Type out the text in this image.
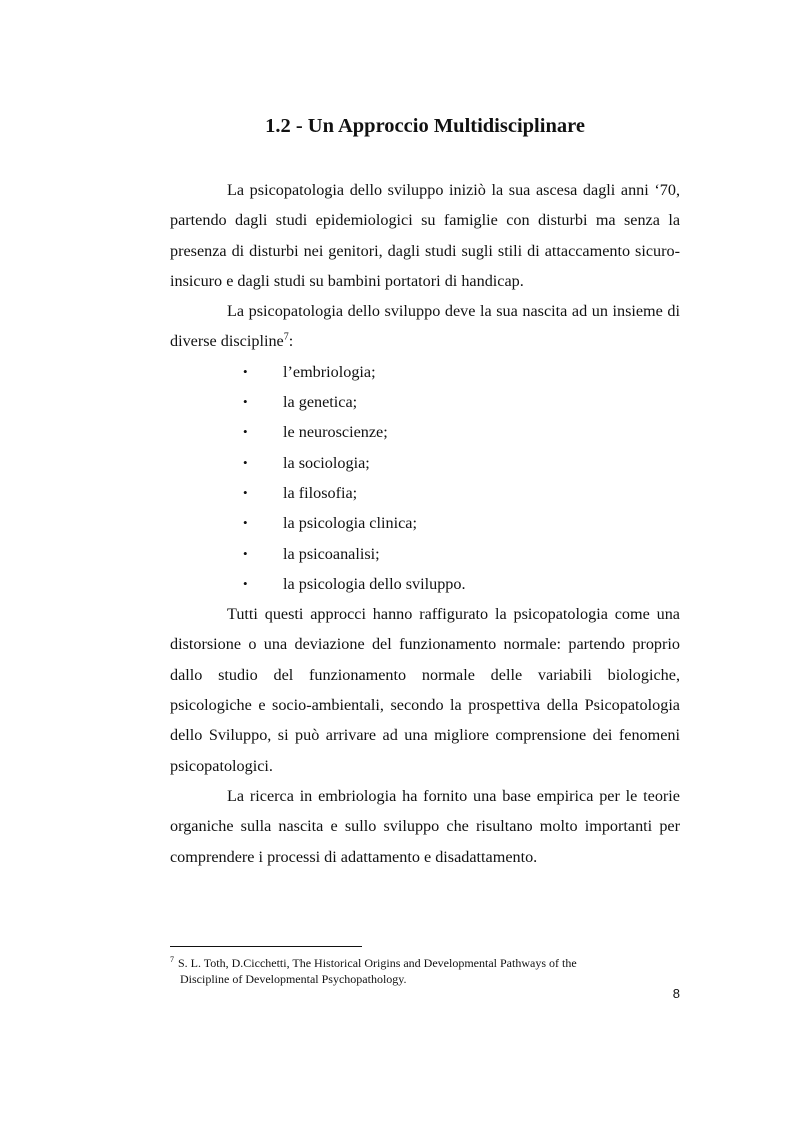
1.2 - Un Approccio Multidisciplinare

La psicopatologia dello sviluppo iniziò la sua ascesa dagli anni ‘70, partendo dagli studi epidemiologici su famiglie con disturbi ma senza la presenza di disturbi nei genitori, dagli studi sugli stili di attaccamento sicuro-insicuro e dagli studi su bambini portatori di handicap.

La psicopatologia dello sviluppo deve la sua nascita ad un insieme di diverse discipline$^7$:

•	l’embriologia;
•	la genetica;
•	le neuroscienze;
•	la sociologia;
•	la filosofia;
•	la psicologia clinica;
•	la psicoanalisi;
•	la psicologia dello sviluppo.

Tutti questi approcci hanno raffigurato la psicopatologia come una distorsione o una deviazione del funzionamento normale: partendo proprio dallo studio del funzionamento normale delle variabili biologiche, psicologiche e socio-ambientali, secondo la prospettiva della Psicopatologia dello Sviluppo, si può arrivare ad una migliore comprensione dei fenomeni psicopatologici.

La ricerca in embriologia ha fornito una base empirica per le teorie organiche sulla nascita e sullo sviluppo che risultano molto importanti per comprendere i processi di adattamento e disadattamento.

$^7$ S. L. Toth, D.Cicchetti, The Historical Origins and Developmental Pathways of the
Discipline of Developmental Psychopathology.
8
